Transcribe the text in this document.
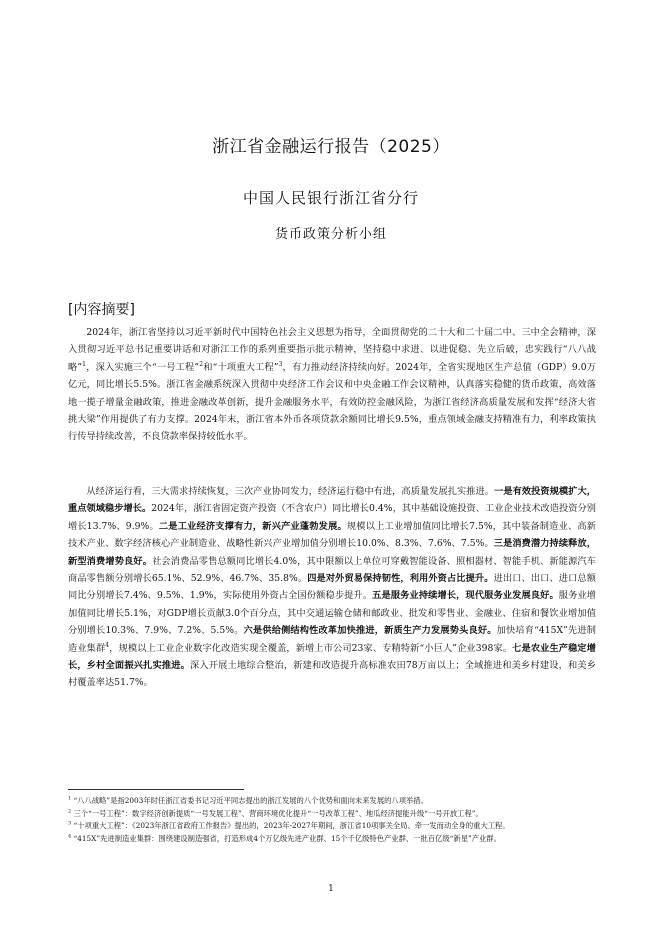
浙江省金融运行报告（2025）
中国人民银行浙江省分行
货币政策分析小组
[内容摘要]

2024年，浙江省坚持以习近平新时代中国特色社会主义思想为指导，全面贯彻党的二十大和二十届二中、三中全会精神，深入贯彻习近平总书记重要讲话和对浙江工作的系列重要指示批示精神，坚持稳中求进、以进促稳、先立后破，忠实践行“八八战略”$^1$，深入实施三个“一号工程”$^2$和“十项重大工程”$^3$，有力推动经济持续向好。2024年，全省实现地区生产总值（GDP）9.0万亿元，同比增长5.5%。浙江省金融系统深入贯彻中央经济工作会议和中央金融工作会议精神，认真落实稳健的货币政策，高效落地一揽子增量金融政策，推进金融改革创新，提升金融服务水平，有效防控金融风险，为浙江省经济高质量发展和发挥“经济大省挑大梁”作用提供了有力支撑。2024年末，浙江省本外币各项贷款余额同比增长9.5%，重点领域金融支持精准有力，利率政策执行传导持续改善，不良贷款率保持较低水平。

从经济运行看，三大需求持续恢复，三次产业协同发力，经济运行稳中有进，高质量发展扎实推进。一是有效投资规模扩大，重点领域稳步增长。2024年，浙江省固定资产投资（不含农户）同比增长0.4%，其中基础设施投资、工业企业技术改造投资分别增长13.7%、9.9%。二是工业经济支撑有力，新兴产业蓬勃发展。规模以上工业增加值同比增长7.5%，其中装备制造业、高新技术产业、数字经济核心产业制造业、战略性新兴产业增加值分别增长10.0%、8.3%、7.6%、7.5%。三是消费潜力持续释放，新型消费增势良好。社会消费品零售总额同比增长4.0%，其中限额以上单位可穿戴智能设备、照相器材、智能手机、新能源汽车商品零售额分别增长65.1%、52.9%、46.7%、35.8%。四是对外贸易保持韧性，利用外资占比提升。进出口、出口、进口总额同比分别增长7.4%、9.5%、1.9%，实际使用外资占全国份额稳步提升。五是服务业持续增长，现代服务业发展良好。服务业增加值同比增长5.1%，对GDP增长贡献3.0个百分点，其中交通运输仓储和邮政业、批发和零售业、金融业、住宿和餐饮业增加值分别增长10.3%、7.9%、7.2%、5.5%。六是供给侧结构性改革加快推进，新质生产力发展势头良好。加快培育“415X”先进制造业集群$^4$，规模以上工业企业数字化改造实现全覆盖，新增上市公司23家、专精特新“小巨人”企业398家。七是农业生产稳定增长，乡村全面振兴扎实推进。深入开展土地综合整治，新建和改造提升高标准农田78万亩以上；全域推进和美乡村建设，和美乡村覆盖率达51.7%。

$^1$ “八八战略”是指2003年时任浙江省委书记习近平同志提出的浙江发展的八个优势和面向未来发展的八项举措。

$^2$ 三个“一号工程”：数字经济创新提质“一号发展工程”、营商环境优化提升“一号改革工程”、地瓜经济提能升级“一号开放工程”。

$^3$ “十项重大工程”：《2023年浙江省政府工作报告》提出的，2023年-2027年期间，浙江省10项事关全局、牵一发而动全身的重大工程。

$^4$ “415X”先进制造业集群：围绕建设制造强省，打造形成4个万亿级先进产业群、15个千亿级特色产业群、一批百亿级“新星”产业群。

1
